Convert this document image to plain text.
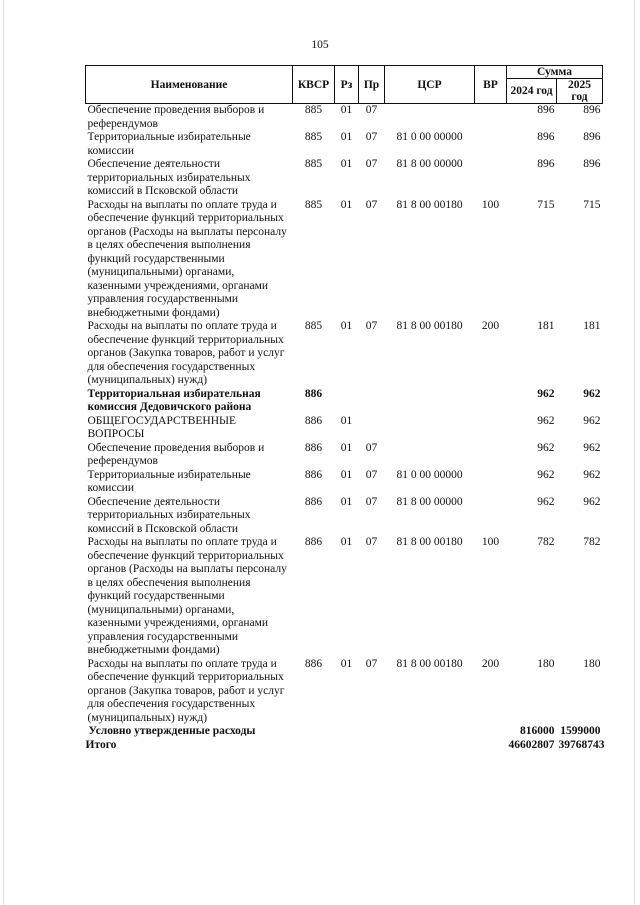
105
Наименование	КВСР	Рз	Пр	ЦСР	ВР	Сумма	
						2024 год	2025 год
Обеспечение проведения выборов и референдумов	885	01	07			896	896
Территориальные избирательные комиссии	885	01	07	81 0 00 00000		896	896
Обеспечение деятельности территориальных избирательных комиссий в Псковской области	885	01	07	81 8 00 00000		896	896
Расходы на выплаты по оплате труда и обеспечение функций территориальных органов (Расходы на выплаты персоналу в целях обеспечения выполнения функций государственными (муниципальными) органами, казенными учреждениями, органами управления государственными внебюджетными фондами)	885	01	07	81 8 00 00180	100	715	715
Расходы на выплаты по оплате труда и обеспечение функций территориальных органов (Закупка товаров, работ и услуг для обеспечения государственных (муниципальных) нужд)	885	01	07	81 8 00 00180	200	181	181
Территориальная избирательная комиссия Дедовичского района	886					962	962
ОБЩЕГОСУДАРСТВЕННЫЕ ВОПРОСЫ	886	01				962	962
Обеспечение проведения выборов и референдумов	886	01	07			962	962
Территориальные избирательные комиссии	886	01	07	81 0 00 00000		962	962
Обеспечение деятельности территориальных избирательных комиссий в Псковской области	886	01	07	81 8 00 00000		962	962
Расходы на выплаты по оплате труда и обеспечение функций территориальных органов (Расходы на выплаты персоналу в целях обеспечения выполнения функций государственными (муниципальными) органами, казенными учреждениями, органами управления государственными внебюджетными фондами)	886	01	07	81 8 00 00180	100	782	782
Расходы на выплаты по оплате труда и обеспечение функций территориальных органов (Закупка товаров, работ и услуг для обеспечения государственных (муниципальных) нужд)	886	01	07	81 8 00 00180	200	180	180
Условно утвержденные расходы						816000	1599000
Итого						46602807	39768743
